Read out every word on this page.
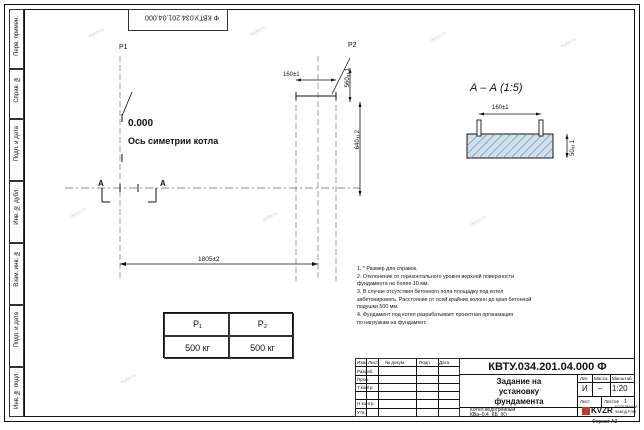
Перв. примен.
Справ. №
Подп. и дата
Инв. № дубл.
Взам. инв. №
Подп. и дата
Инв. № подл.
Ф КВТУ.034.201.04.000
Р1	Р2
0.000
Ось симетрии котла
А	А
1805±2
160±1	560±1
640±2
А – А (1:5)
160±1
50±1
Р₁	Р₂
500 кг	500 кг
1. * Размер для справок.
2. Отклонение от горизонтального уровня верхней поверхности
фундамента не более 10 мм.
3. В случае отсутствия бетонного пола площадку под котел
забетонировать. Расстояние от осей крайних колонн до края бетонной
подушки 500 мм.
4. Фундамент под котел разрабатывает проектная организация
по нагрузкам на фундамент.
Изм Лист № докум.	Подп. Дата
Разраб.
Пров.
Т.контр.
Н.контр.
Утв.
КВТУ.034.201.04.000 Ф
Задание на
установку
фундамента
Лит. Масса Масштаб
И – 1:20
Лист	Листов 1
Котёл водогрейный
КВа–0,4  КБ  (К)	KVZR КОТЕЛЬНЫЙ
ЗАВОД РЭМ
Формат А3
teplo-ru	teplo-ru	teplo-ru	teplo-ru
teplo-ru	teplo-ru	teplo-ru
teplo-ru
